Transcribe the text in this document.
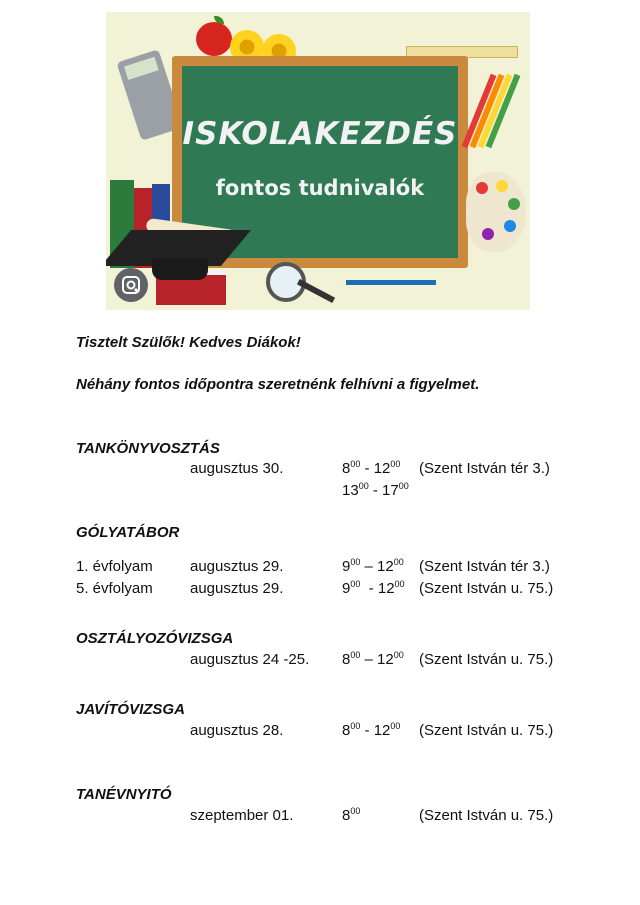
ISKOLAKEZDÉS
fontos tudnivalók
Tisztelt Szülők! Kedves Diákok!
Néhány fontos időpontra szeretnénk felhívni a figyelmet.
TANKÖNYVOSZTÁS
augusztus 30.	$8^{00} - 12^{00}$ (Szent István tér 3.)
$13^{00} - 17^{00}$
GÓLYATÁBOR
1. évfolyam augusztus 29.	$9^{00} - 12^{00}$ (Szent István tér 3.)
5. évfolyam augusztus 29.	$9^{00} - 12^{00}$ (Szent István u. 75.)
OSZTÁLYOZÓVIZSGA
augusztus 24 -25. $8^{00} - 12^{00}$ (Szent István u. 75.)
JAVÍTÓVIZSGA
augusztus 28.	$8^{00} - 12^{00}$ (Szent István u. 75.)
TANÉVNYITÓ
szeptember 01.	$8^{00}$	(Szent István u. 75.)
